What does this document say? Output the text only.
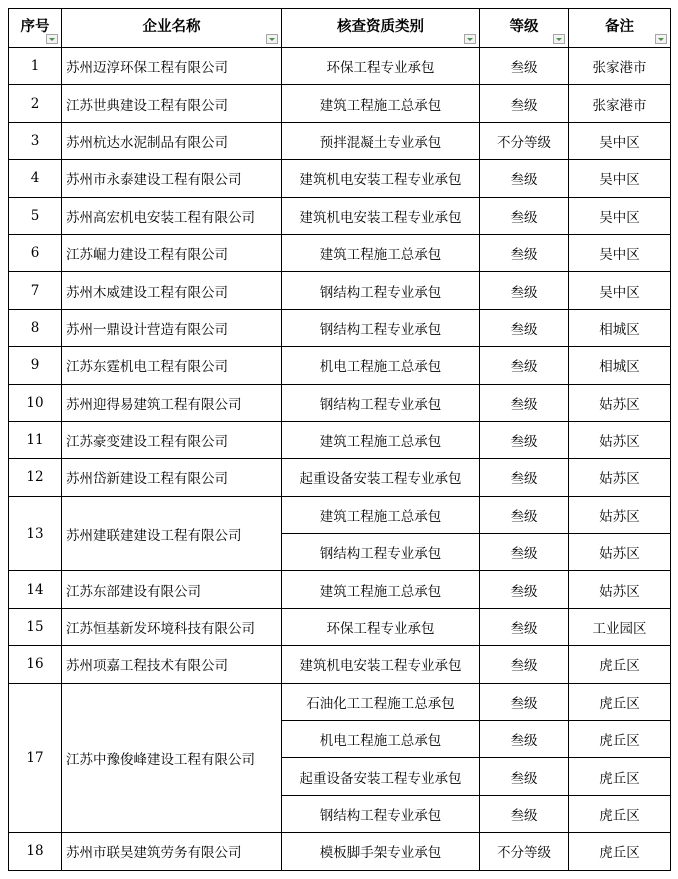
序号	企业名称	核查资质类别	等级	备注

1	苏州迈淳环保工程有限公司	环保工程专业承包	叁级	张家港市
2	江苏世典建设工程有限公司	建筑工程施工总承包	叁级	张家港市
3	苏州杭达水泥制品有限公司	预拌混凝土专业承包	不分等级	吴中区
4	苏州市永泰建设工程有限公司	建筑机电安装工程专业承包	叁级	吴中区
5	苏州高宏机电安装工程有限公司	建筑机电安装工程专业承包	叁级	吴中区
6	江苏崛力建设工程有限公司	建筑工程施工总承包	叁级	吴中区
7	苏州木威建设工程有限公司	钢结构工程专业承包	叁级	吴中区
8	苏州一鼎设计营造有限公司	钢结构工程专业承包	叁级	相城区
9	江苏东霆机电工程有限公司	机电工程施工总承包	叁级	相城区
10	苏州迎得易建筑工程有限公司	钢结构工程专业承包	叁级	姑苏区
11	江苏豪变建设工程有限公司	建筑工程施工总承包	叁级	姑苏区
12	苏州岱新建设工程有限公司	起重设备安装工程专业承包	叁级	姑苏区
13	苏州建联建建设工程有限公司	建筑工程施工总承包	叁级	姑苏区
		钢结构工程专业承包	叁级	姑苏区
14	江苏东部建设有限公司	建筑工程施工总承包	叁级	姑苏区
15	江苏恒基新发环境科技有限公司	环保工程专业承包	叁级	工业园区
16	苏州项嘉工程技术有限公司	建筑机电安装工程专业承包	叁级	虎丘区
17	江苏中豫俊峰建设工程有限公司	石油化工工程施工总承包	叁级	虎丘区
		机电工程施工总承包	叁级	虎丘区
		起重设备安装工程专业承包	叁级	虎丘区
		钢结构工程专业承包	叁级	虎丘区
18	苏州市联昊建筑劳务有限公司	模板脚手架专业承包	不分等级	虎丘区
